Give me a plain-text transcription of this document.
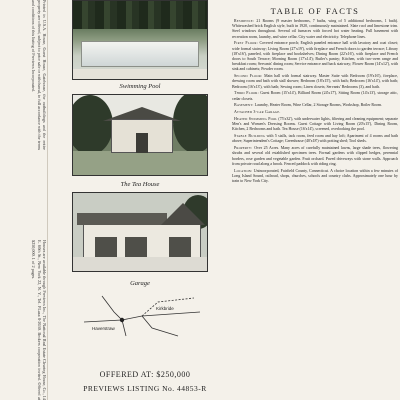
Printed in U.S.A. House, Guest House, Gatehouse, the outbuildings and the entire property are offered, subject to prior sale or withdrawal, in full accordance with the terms and conditions of this listing of Previews Incorporated.

Houses are available through Previews Inc., The National Real Estate Clearing House, Co., 14 E. 60th St., New York 22, N. Y., Tel. PLaza 8-2630. Brokers cooperation invited. Offered at $250,000. 1 of 2 pages.

Swimming Pool
The Tea House
Garage
Haverstraw
Kirkbride
OFFERED AT: $250,000
PREVIEWS LISTING No. 44853-R
TABLE OF FACTS

Residence: 21 Rooms (9 master bedrooms, 7 baths, wing of 5 additional bedrooms, 1 bath). Whitewashed brick English style, built in 1920, continuously maintained. Slate roof and limestone trim. Steel windows throughout. Several oil furnaces with forced hot water heating. Full basement with recreation room, laundry, and wine cellar. City water and electricity. Telephone lines.

First Floor: Covered entrance porch; English paneled entrance hall with lavatory and coat closet; wide formal stairway; Living Room (27'x19'), with fireplace and French doors to garden terrace; Library (18'x16'), paneled, with fireplace and bookshelves; Dining Room (22'x16'), with fireplace and French doors to South Terrace; Morning Room (17'x14'); Butler's pantry; Kitchen, with two-oven range and breakfast room; Servants' dining room; Service entrance and back stairway; Flower Room (14'x12'), with sink and cabinets; Powder room.

Second Floor: Main hall with formal stairway. Master Suite with Bedroom (19'x16'), fireplace, dressing room and bath with stall shower; Bedroom (18'x15'), with bath; Bedroom (16'x14'), with bath; Bedroom (16'x13'), with bath; Sewing room; Linen closets; Servants' Bedrooms (3), and bath.

Third Floor: Guest Room (15'x14'), Billiard Room (24'x17'), Sitting Room (14'x13'), storage attic, cedar closets.

Basement: Laundry, Heater Room, Wine Cellar, 2 Storage Rooms, Workshop, Boiler Room.

Attached 3-car Garage.

Heated Swimming Pool (75'x32'), with underwater lights, filtering and cleaning equipment; separate Men's and Women's Dressing Rooms. Guest Cottage with Living Room (20'x15'), Dining Room, Kitchen, 2 Bedrooms and bath. Tea House (16'x14'), screened, overlooking the pool.

Stable Building with 5 stalls, tack room, feed room and hay loft; Apartment of 4 rooms and bath above; Superintendent's Cottage; Greenhouse (40'x18') with potting shed; Tool sheds.

Property: Over 25 Acres. Many acres of carefully maintained lawns, large shade trees, flowering shrubs and several old established specimen trees. Formal gardens with clipped hedges, perennial borders, rose garden and vegetable garden. Fruit orchard. Paved driveways with stone walls. Approach from private road along a brook. Fenced paddock with riding ring.

Location: Unincorporated, Fairfield County, Connecticut. A choice location within a few minutes of Long Island Sound, railroad, shops, churches, schools and country clubs. Approximately one hour by train to New York City.
